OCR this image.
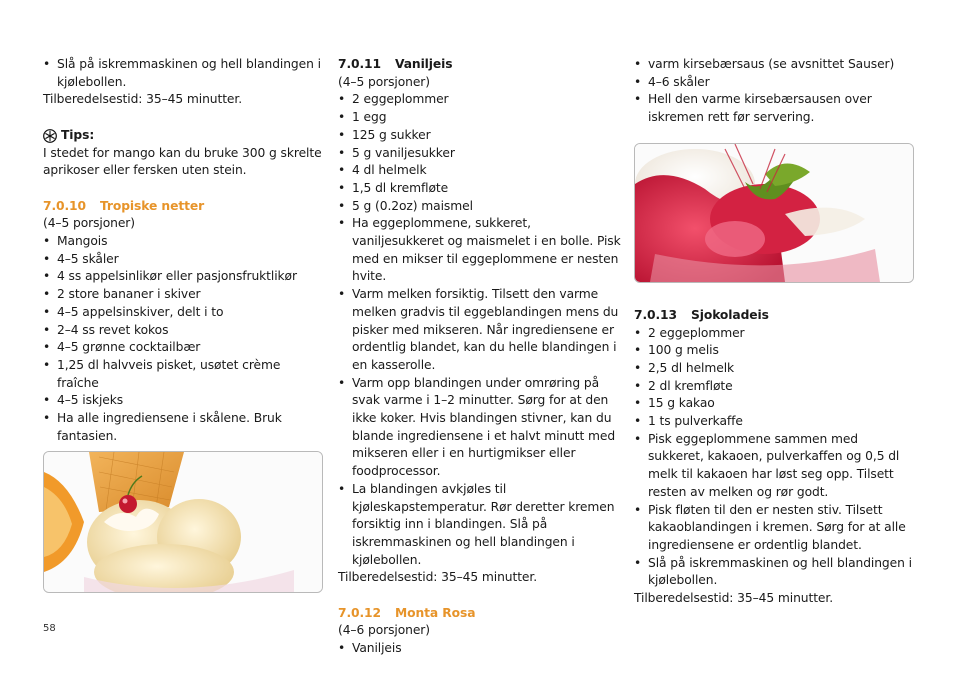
• Slå på iskremmaskinen og hell blandingen i kjølebollen.

Tilberedelsestid: 35–45 minutter.

Tips:

I stedet for mango kan du bruke 300 g skrelte aprikoser eller fersken uten stein.

7.0.10 Tropiske netter

(4–5 porsjoner)

• Mangois
• 4–5 skåler
• 4 ss appelsinlikør eller pasjonsfruktlikør
• 2 store bananer i skiver
• 4–5 appelsinskiver, delt i to
• 2–4 ss revet kokos
• 4–5 grønne cocktailbær
• 1,25 dl halvveis pisket, usøtet crème fraîche
• 4–5 iskjeks
• Ha alle ingrediensene i skålene. Bruk fantasien.

7.0.11 Vaniljeis

(4–5 porsjoner)

• 2 eggeplommer
• 1 egg
• 125 g sukker
• 5 g vaniljesukker
• 4 dl helmelk
• 1,5 dl kremfløte
• 5 g (0.2oz) maismel
• Ha eggeplommene, sukkeret, vaniljesukkeret og maismelet i en bolle. Pisk med en mikser til eggeplommene er nesten hvite.
• Varm melken forsiktig. Tilsett den varme melken gradvis til eggeblandingen mens du pisker med mikseren. Når ingrediensene er ordentlig blandet, kan du helle blandingen i en kasserolle.
• Varm opp blandingen under omrøring på svak varme i 1–2 minutter. Sørg for at den ikke koker. Hvis blandingen stivner, kan du blande ingrediensene i et halvt minutt med mikseren eller i en hurtigmikser eller foodprocessor.
• La blandingen avkjøles til kjøleskapstemperatur. Rør deretter kremen forsiktig inn i blandingen. Slå på iskremmaskinen og hell blandingen i kjølebollen.

Tilberedelsestid: 35–45 minutter.

7.0.12 Monta Rosa

(4–6 porsjoner)

• Vaniljeis
• varm kirsebærsaus (se avsnittet Sauser)
• 4–6 skåler
• Hell den varme kirsebærsausen over iskremen rett før servering.

7.0.13 Sjokoladeis

• 2 eggeplommer
• 100 g melis
• 2,5 dl helmelk
• 2 dl kremfløte
• 15 g kakao
• 1 ts pulverkaffe
• Pisk eggeplommene sammen med sukkeret, kakaoen, pulverkaffen og 0,5 dl melk til kakaoen har løst seg opp. Tilsett resten av melken og rør godt.
• Pisk fløten til den er nesten stiv. Tilsett kakaoblandingen i kremen. Sørg for at alle ingrediensene er ordentlig blandet.
• Slå på iskremmaskinen og hell blandingen i kjølebollen.

Tilberedelsestid: 35–45 minutter.

58
